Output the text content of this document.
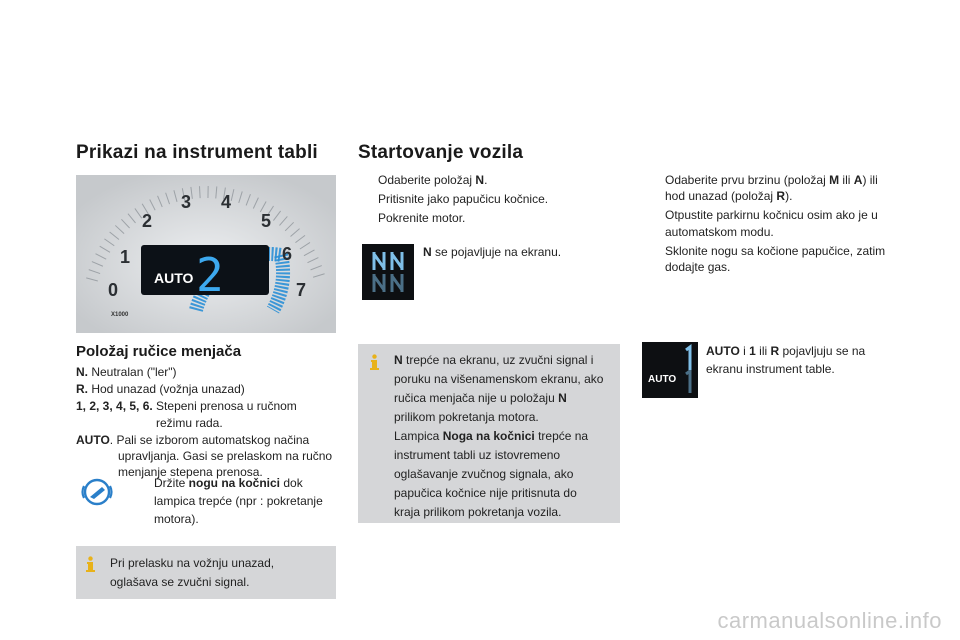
Prikazi na instrument tabli
AUTO 2
1
2
3 4
5
6
7
0
X1000
Položaj ručice menjača

N. Neutralan ("ler")

R. Hod unazad (vožnja unazad)

1, 2, 3, 4, 5, 6. Stepeni prenosa u ručnom
režimu rada.

AUTO. Pali se izborom automatskog načina
upravljanja. Gasi se prelaskom na ručno menjanje stepena prenosa.

Držite nogu na kočnici dok lampica trepće (npr : pokretanje motora).
Pri prelasku na vožnju unazad, oglašava se zvučni signal.
Startovanje vozila
Odaberite položaj N.
Pritisnite jako papučicu kočnice.
Pokrenite motor.
N se pojavljuje na ekranu.
N trepće na ekranu, uz zvučni signal i poruku na višenamenskom ekranu, ako ručica menjača nije u položaju N prilikom pokretanja motora.
Lampica Noga na kočnici trepće na instrument tabli uz istovremeno oglašavanje zvučnog signala, ako papučica kočnice nije pritisnuta do kraja prilikom pokretanja vozila.
Odaberite prvu brzinu (položaj M ili A) ili hod unazad (položaj R).
Otpustite parkirnu kočnicu osim ako je u automatskom modu.
Sklonite nogu sa kočione papučice, zatim dodajte gas.
AUTO
AUTO i 1 ili R pojavljuju se na ekranu instrument table.
carmanualsonline.info
